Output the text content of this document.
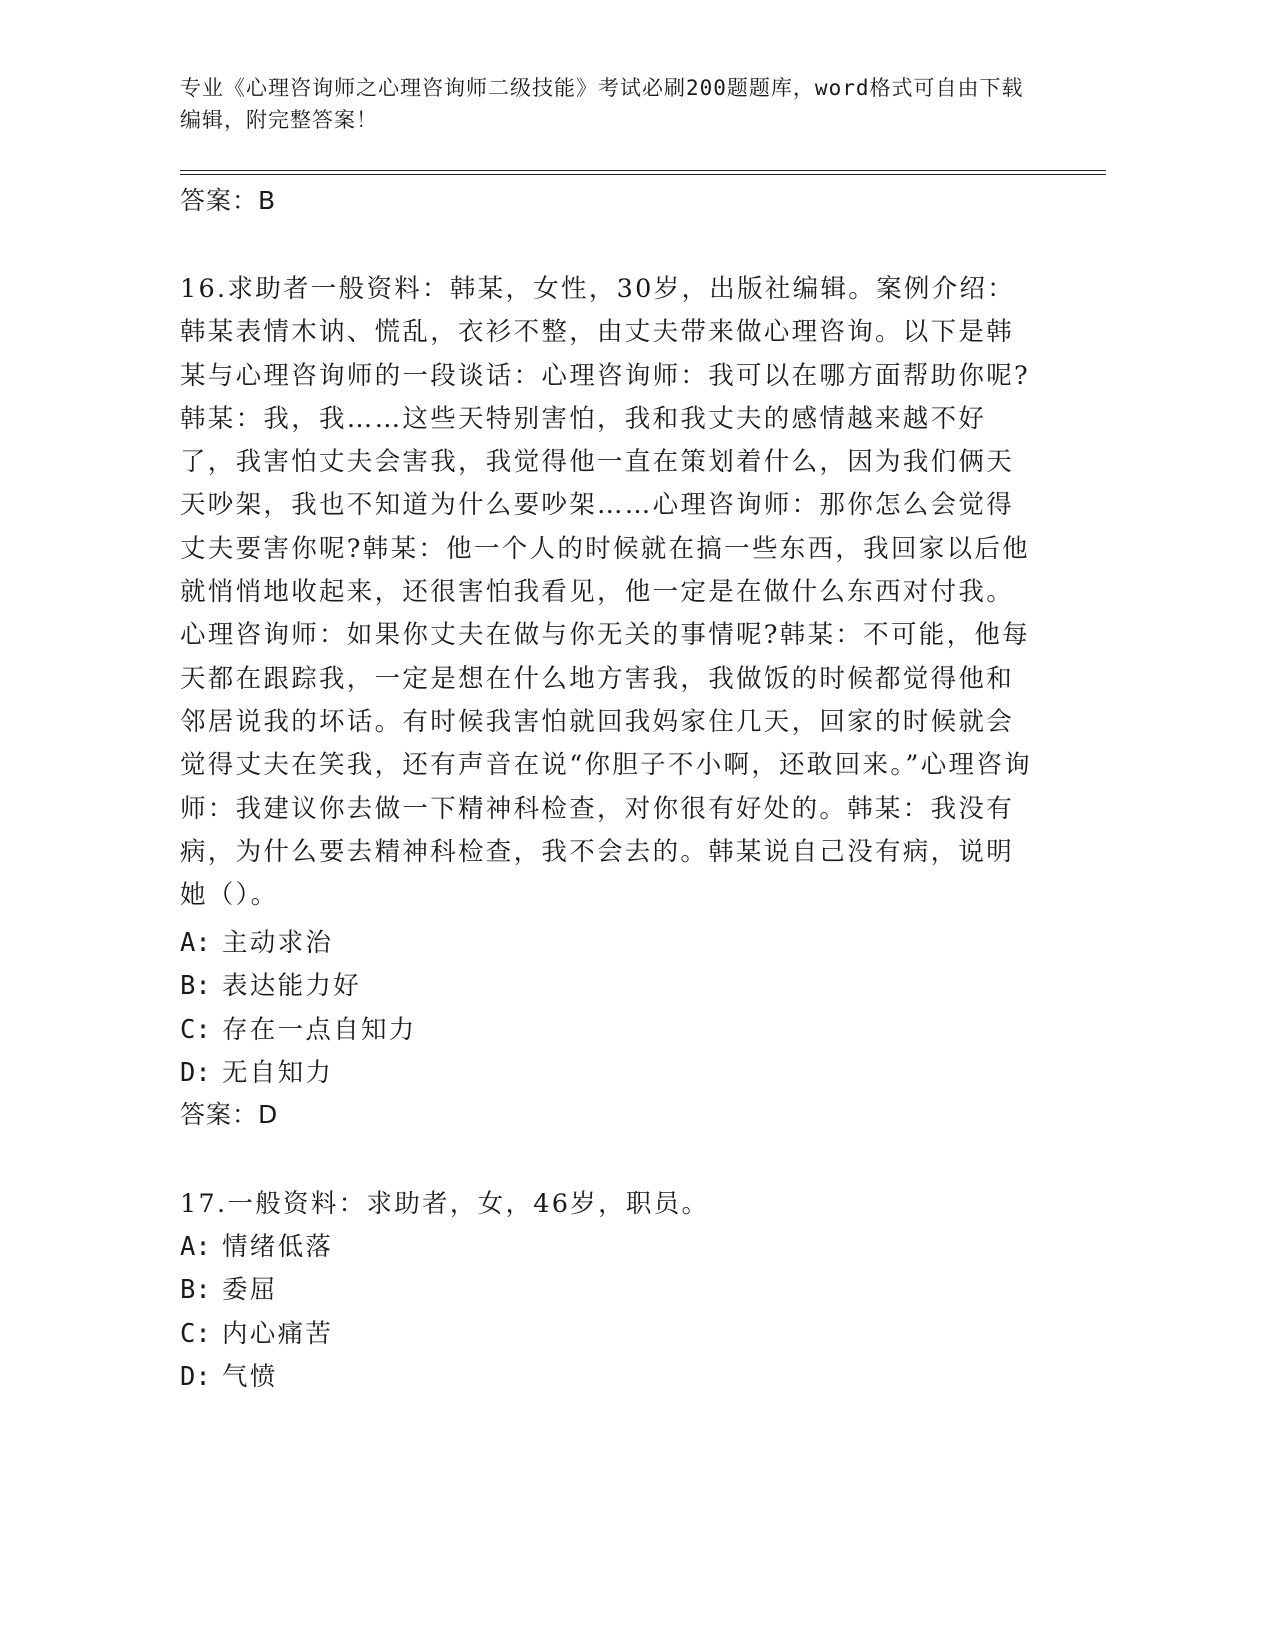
专业《心理咨询师之心理咨询师二级技能》考试必刷200题题库，word格式可自由下载编辑，附完整答案！

答案：B

16.求助者一般资料：韩某，女性，30岁，出版社编辑。案例介绍：韩某表情木讷、慌乱，衣衫不整，由丈夫带来做心理咨询。以下是韩某与心理咨询师的一段谈话：心理咨询师：我可以在哪方面帮助你呢?韩某：我，我……这些天特别害怕，我和我丈夫的感情越来越不好了，我害怕丈夫会害我，我觉得他一直在策划着什么，因为我们俩天天吵架，我也不知道为什么要吵架……心理咨询师：那你怎么会觉得丈夫要害你呢?韩某：他一个人的时候就在搞一些东西，我回家以后他就悄悄地收起来，还很害怕我看见，他一定是在做什么东西对付我。心理咨询师：如果你丈夫在做与你无关的事情呢?韩某：不可能，他每天都在跟踪我，一定是想在什么地方害我，我做饭的时候都觉得他和邻居说我的坏话。有时候我害怕就回我妈家住几天，回家的时候就会觉得丈夫在笑我，还有声音在说“你胆子不小啊，还敢回来。”心理咨询师：我建议你去做一下精神科检查，对你很有好处的。韩某：我没有病，为什么要去精神科检查，我不会去的。韩某说自己没有病，说明她（）。

A: 主动求治
B: 表达能力好
C: 存在一点自知力
D: 无自知力

答案：D

17.一般资料：求助者，女，46岁，职员。

A: 情绪低落
B: 委屈
C: 内心痛苦
D: 气愤
